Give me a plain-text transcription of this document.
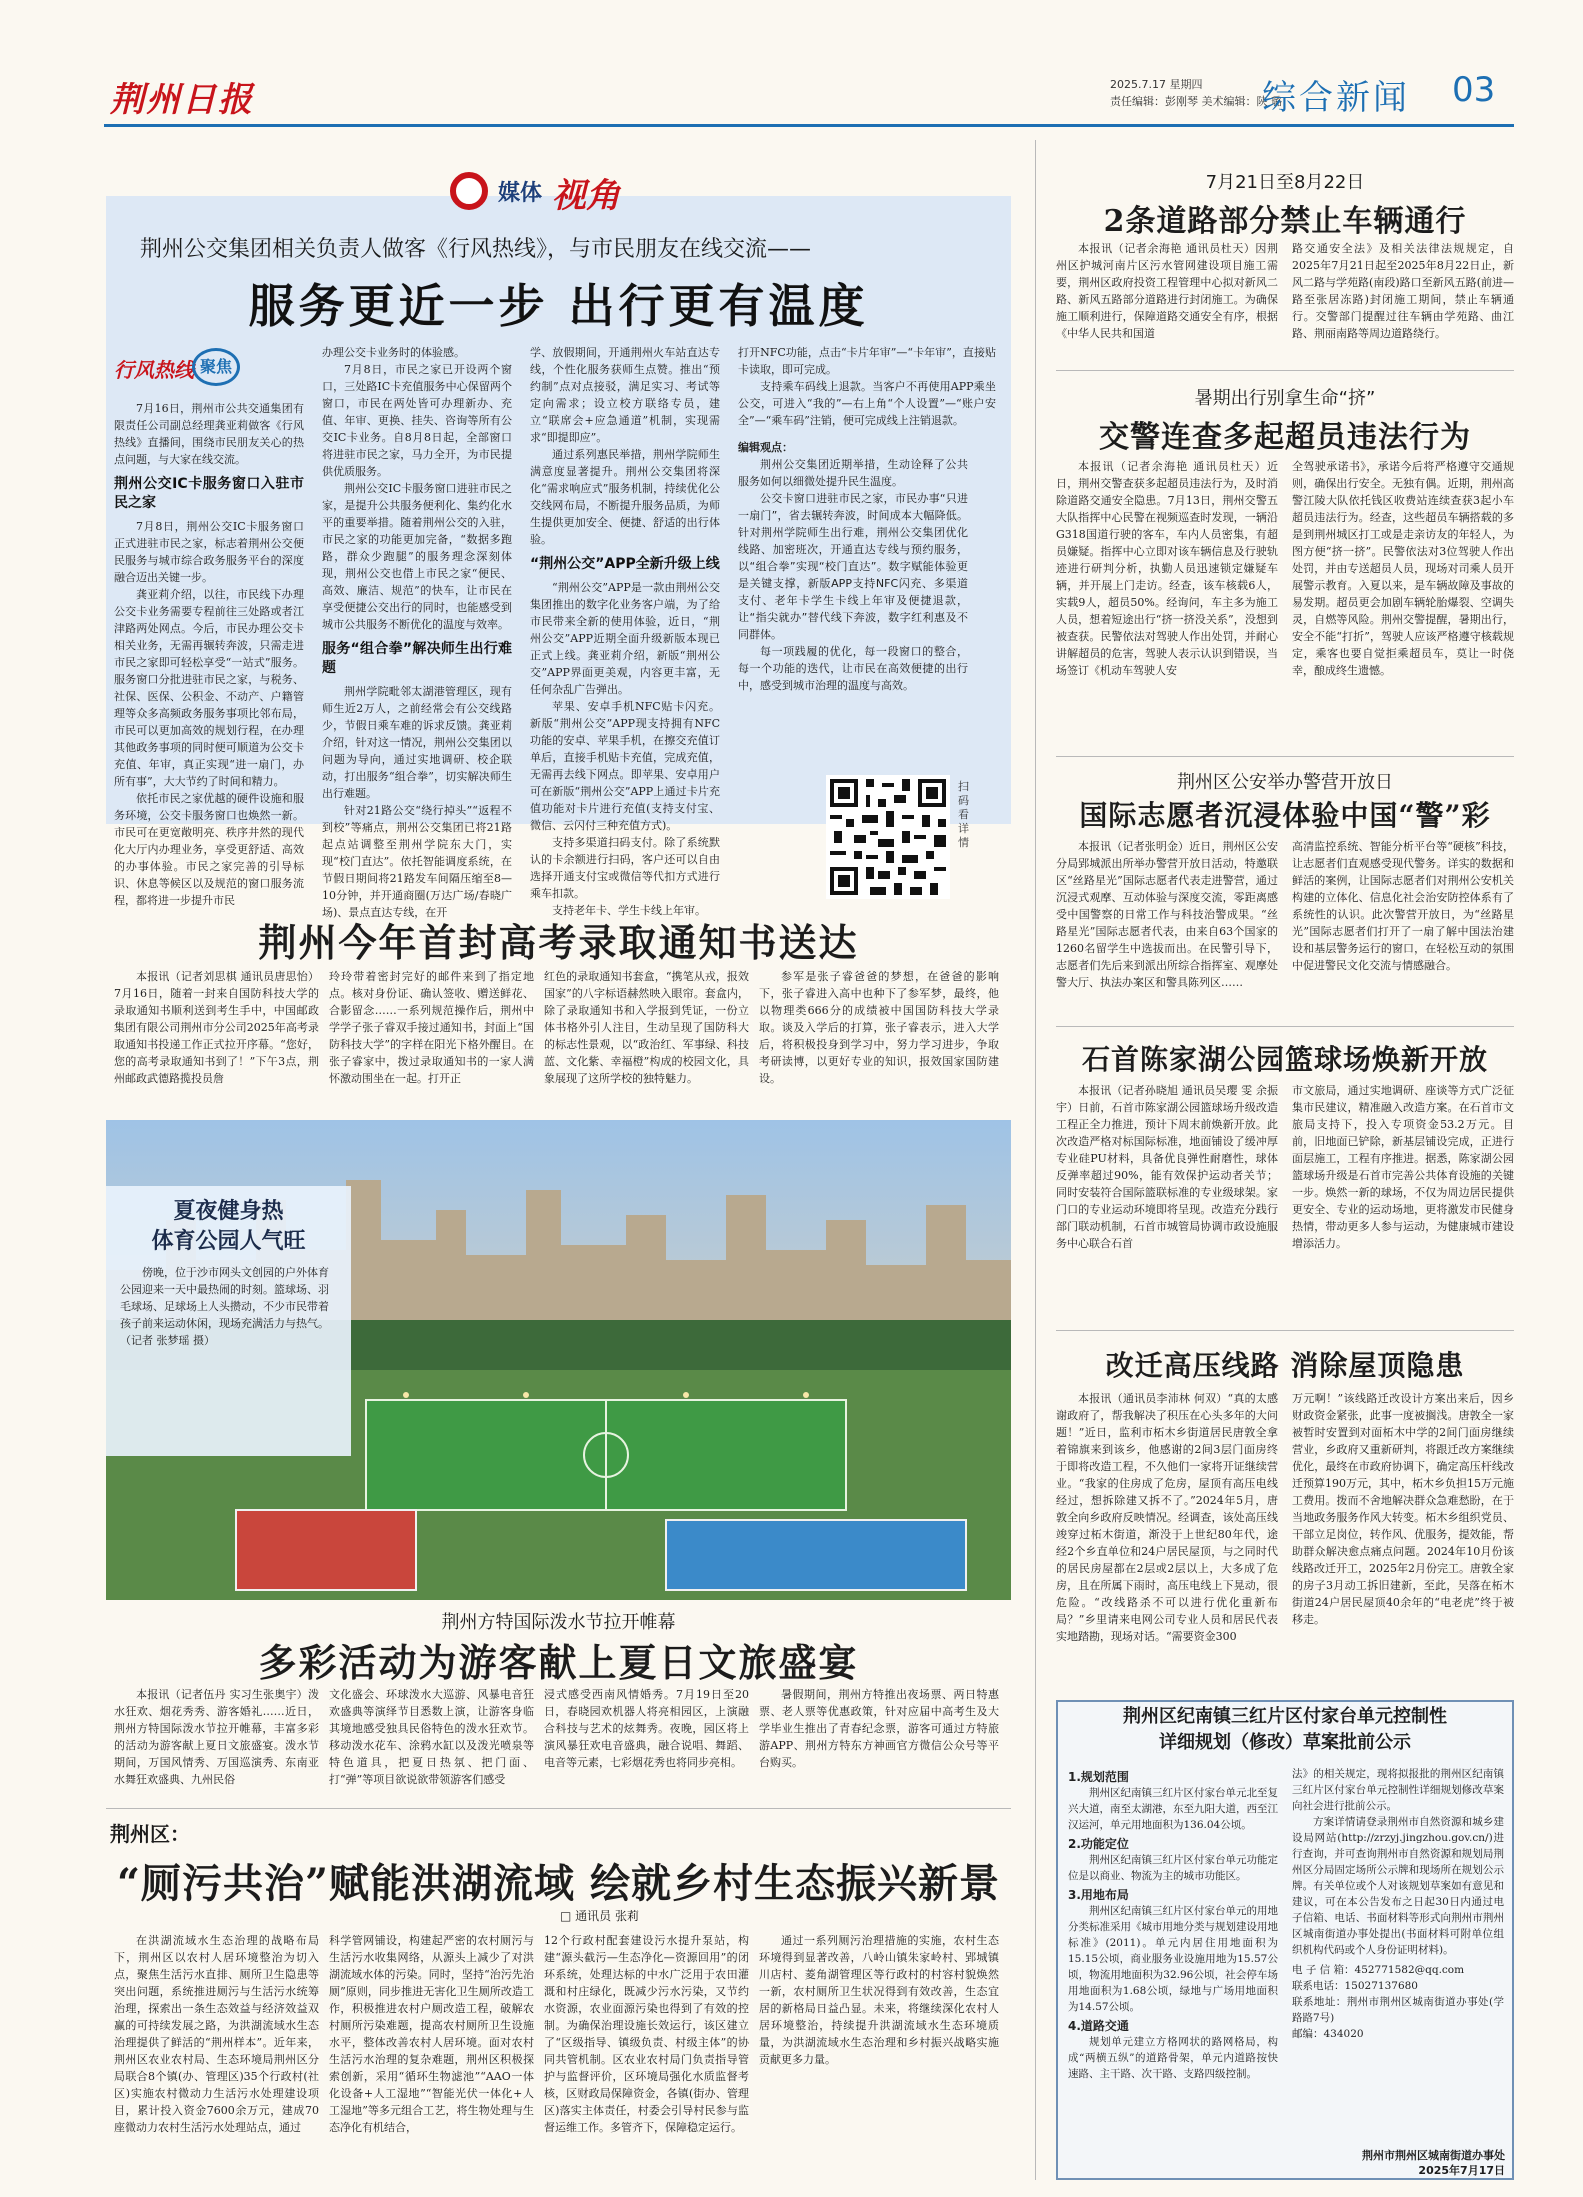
荆州日报	2025.7.17 星期四
责任编辑：彭刚琴 美术编辑：陕 璐
综合新闻 03
媒体 视角
荆州公交集团相关负责人做客《行风热线》，与市民朋友在线交流——
服务更近一步 出行更有温度
行风热线 聚焦

7月16日，荆州市公共交通集团有限责任公司副总经理龚亚莉做客《行风热线》直播间，围绕市民朋友关心的热点问题，与大家在线交流。

荆州公交IC卡服务窗口入驻市民之家

7月8日，荆州公交IC卡服务窗口正式进驻市民之家，标志着荆州公交便民服务与城市综合政务服务平台的深度融合迈出关键一步。

龚亚莉介绍，以往，市民线下办理公交卡业务需要专程前往三处路或者江津路两处网点。今后，市民办理公交卡相关业务，无需再辗转奔波，只需走进市民之家即可轻松享受“一站式”服务。服务窗口分批进驻市民之家，与税务、社保、医保、公积金、不动产、户籍管理等众多高频政务服务事项比邻布局，市民可以更加高效的规划行程，在办理其他政务事项的同时便可顺道为公交卡充值、年审，真正实现“进一扇门，办所有事”，大大节约了时间和精力。

依托市民之家优越的硬件设施和服务环境，公交卡服务窗口也焕然一新。市民可在更宽敞明亮、秩序井然的现代化大厅内办理业务，享受更舒适、高效的办事体验。市民之家完善的引导标识、休息等候区以及规范的窗口服务流程，都将进一步提升市民

办理公交卡业务时的体验感。

7月8日，市民之家已开设两个窗口，三处路IC卡充值服务中心保留两个窗口，市民在两处皆可办理新办、充值、年审、更换、挂失、咨询等所有公交IC卡业务。自8月8日起，全部窗口将进驻市民之家，马力全开，为市民提供优质服务。

荆州公交IC卡服务窗口进驻市民之家，是提升公共服务便利化、集约化水平的重要举措。随着荆州公交的入驻，市民之家的功能更加完备，“数据多跑路，群众少跑腿”的服务理念深刻体现，荆州公交也借上市民之家“便民、高效、廉洁、规范”的快车，让市民在享受便捷公交出行的同时，也能感受到城市公共服务不断优化的温度与效率。

服务“组合拳”解决师生出行难题

荆州学院毗邻太湖港管理区，现有师生近2万人，之前经常会有公交线路少，节假日乘车难的诉求反馈。龚亚莉介绍，针对这一情况，荆州公交集团以问题为导向，通过实地调研、校企联动，打出服务“组合拳”，切实解决师生出行难题。

针对21路公交“绕行掉头”“返程不到校”等痛点，荆州公交集团已将21路起点站调整至荆州学院东大门，实现“校门直达”。依托智能调度系统，在节假日期间将21路发车间隔压缩至8—10分钟，并开通商圈(万达广场/春晓广场)、景点直达专线，在开

学、放假期间，开通荆州火车站直达专线，个性化服务获师生点赞。推出“预约制”点对点接驳，满足实习、考试等定向需求；设立校方联络专员，建立“联席会+应急通道”机制，实现需求“即提即应”。

通过系列惠民举措，荆州学院师生满意度显著提升。荆州公交集团将深化“需求响应式”服务机制，持续优化公交线网布局，不断提升服务品质，为师生提供更加安全、便捷、舒适的出行体验。

“荆州公交”APP全新升级上线

“荆州公交”APP是一款由荆州公交集团推出的数字化业务客户端，为了给市民带来全新的使用体验，近日，“荆州公交”APP近期全面升级新版本现已正式上线。龚亚莉介绍，新版“荆州公交”APP界面更美观，内容更丰富，无任何杂乱广告弹出。

苹果、安卓手机NFC贴卡闪充。新版“荆州公交”APP现支持拥有NFC功能的安卓、苹果手机，在擦交充值订单后，直接手机贴卡充值，完成充值，无需再去线下网点。即苹果、安卓用户可在新版“荆州公交”APP上通过卡片充值功能对卡片进行充值(支持支付宝、微信、云闪付三种充值方式)。

支持多渠道扫码支付。除了系统默认的卡余额进行扫码，客户还可以自由选择开通支付宝或微信等代扣方式进行乘车扣款。

支持老年卡、学生卡线上年审。

打开NFC功能，点击“卡片年审”—“卡年审”，直接贴卡读取，即可完成。

支持乘车码线上退款。当客户不再使用APP乘坐公交，可进入“我的”—右上角“个人设置”—“账户安全”—“乘车码”注销，便可完成线上注销退款。

编辑观点：

荆州公交集团近期举措，生动诠释了公共服务如何以细微处提升民生温度。

公交卡窗口进驻市民之家，市民办事“只进一扇门”，省去辗转奔波，时间成本大幅降低。针对荆州学院师生出行难，荆州公交集团优化线路、加密班次，开通直达专线与预约服务，以“组合拳”实现“校门直达”。数字赋能体验更是关键支撑，新版APP支持NFC闪充、多渠道支付、老年卡学生卡线上年审及便捷退款，让“指尖就办”替代线下奔波，数字红利惠及不同群体。

每一项践履的优化，每一段窗口的整合，每一个功能的迭代，让市民在高效便捷的出行中，感受到城市治理的温度与高效。

扫码看详情
荆州今年首封高考录取通知书送达

本报讯（记者刘思棋 通讯员唐思怡）7月16日，随着一封来自国防科技大学的录取通知书顺利送到考生手中，中国邮政集团有限公司荆州市分公司2025年高考录取通知书投递工作正式拉开序幕。“您好，您的高考录取通知书到了！”下午3点，荆州邮政武德路揽投员詹

玲玲带着密封完好的邮件来到了指定地点。核对身份证、确认签收、赠送鲜花、合影留念……一系列规范操作后，荆州中学学子张子睿双手接过通知书，封面上“国防科技大学”的字样在阳光下格外醒目。在张子睿家中，拨过录取通知书的一家人满怀激动围坐在一起。打开正

红色的录取通知书套盒，“携笔从戎，报效国家”的八字标语赫然映入眼帘。套盒内，除了录取通知书和入学报到凭证，一份立体书格外引人注目，生动呈现了国防科大的标志性景观，以“政治红、军事绿、科技蓝、文化紫、幸福橙”构成的校园文化，具象展现了这所学校的独特魅力。

参军是张子睿爸爸的梦想，在爸爸的影响下，张子睿进入高中也种下了参军梦，最终，他以物理类666分的成绩被中国国防科技大学录取。谈及入学后的打算，张子睿表示，进入大学后，将积极投身到学习中，努力学习进步，争取考研读博，以更好专业的知识，报效国家国防建设。

夏夜健身热
体育公园人气旺
傍晚，位于沙市网头文创园的户外体育公园迎来一天中最热闹的时刻。篮球场、羽毛球场、足球场上人头攒动，不少市民带着孩子前来运动休闲，现场充满活力与热气。（记者 张梦瑶 摄）
荆州方特国际泼水节拉开帷幕
多彩活动为游客献上夏日文旅盛宴

本报讯（记者伍丹 实习生张奥宇）泼水狂欢、烟花秀秀、游客婚礼……近日，荆州方特国际泼水节拉开帷幕，丰富多彩的活动为游客献上夏日文旅盛宴。泼水节期间，万国风情秀、万国巡演秀、东南亚水舞狂欢盛典、九州民俗

文化盛会、环球泼水大巡游、风暴电音狂欢盛典等演绎节目悉数上演，让游客身临其境地感受独具民俗特色的泼水狂欢节。移动泼水花车、涂鸦水缸以及泼光喷泉等特色道具，把夏日热氛、把门面、打“弹”等项目欲说欲带领游客们感受

浸式感受西南风情婚秀。7月19日至20日，春晓园欢机器人将亮相园区，上演融合科技与艺术的炫舞秀。夜晚，园区将上演风暴狂欢电音盛典，融合说唱、舞蹈、电音等元素，七彩烟花秀也将同步亮相。

暑假期间，荆州方特推出夜场票、两日特惠票、老人票等优惠政策，针对应届中高考生及大学毕业生推出了青春纪念票，游客可通过方特旅游APP、荆州方特东方神画官方微信公众号等平台购买。

荆州区：
“厕污共治”赋能洪湖流域 绘就乡村生态振兴新景
□ 通讯员 张莉

在洪湖流域水生态治理的战略布局下，荆州区以农村人居环境整治为切入点，聚焦生活污水直排、厕所卫生隐患等突出问题，系统推进厕污与生活污水统筹治理，探索出一条生态效益与经济效益双赢的可持续发展之路，为洪湖流域水生态治理提供了鲜活的“荆州样本”。近年来，荆州区农业农村局、生态环境局荆州区分局联合8个镇(办、管理区)35个行政村(社区)实施农村微动力生活污水处理建设项目，累计投入资金7600余万元，建成70座微动力农村生活污水处理站点，通过

科学管网铺设，构建起严密的农村厕污与生活污水收集网络，从源头上减少了对洪湖流域水体的污染。同时，坚持“治污先治厕”原则，同步推进无害化卫生厕所改造工作，积极推进农村户厕改造工程，破解农村厕所污染难题，提高农村厕所卫生设施水平，整体改善农村人居环境。面对农村生活污水治理的复杂难题，荆州区积极探索创新，采用“循环生物滤池”“AAO一体化设备+人工湿地”“智能光伏一体化+人工湿地”等多元组合工艺，将生物处理与生态净化有机结合，

12个行政村配套建设污水提升泵站，构建“源头截污—生态净化—资源回用”的闭环系统，处理达标的中水广泛用于农田灌溉和村庄绿化，既减少污水污染，又节约水资源，农业面源污染也得到了有效的控制。为确保治理设施长效运行，该区建立了“区级指导、镇级负责、村级主体”的协同共管机制。区农业农村局门负责指导管护与监督评价，区环境局强化水质监督考核，区财政局保障资金，各镇(街办、管理区)落实主体责任，村委会引导村民参与监督运维工作。多管齐下，保障稳定运行。

通过一系列厕污治理措施的实施，农村生态环境得到显著改善，八岭山镇朱家岭村、郢城镇川店村、菱角湖管理区等行政村的村容村貌焕然一新，农村厕所卫生状况得到有效改善，生态宜居的新格局日益凸显。未来，将继续深化农村人居环境整治，持续提升洪湖流域水生态环境质量，为洪湖流域水生态治理和乡村振兴战略实施贡献更多力量。

7月21日至8月22日
2条道路部分禁止车辆通行

本报讯（记者余海艳 通讯员杜天）因荆州区护城河南片区污水管网建设项目施工需要，荆州区政府投资工程管理中心拟对新风二路、新风五路部分道路进行封闭施工。为确保施工顺利进行，保障道路交通安全有序，根据《中华人民共和国道

路交通安全法》及相关法律法规规定，自2025年7月21日起至2025年8月22日止，新风二路与学苑路(南段)路口至新风五路(前进—路至张居冻路)封闭施工期间，禁止车辆通行。交警部门提醒过往车辆由学苑路、曲江路、荆丽南路等周边道路绕行。

暑期出行别拿生命“挤”
交警连查多起超员违法行为

本报讯（记者余海艳 通讯员杜天）近日，荆州交警查获多起超员违法行为，及时消除道路交通安全隐患。7月13日，荆州交警五大队指挥中心民警在视频巡查时发现，一辆沿G318国道行驶的客车，车内人员密集，有超员嫌疑。指挥中心立即对该车辆信息及行驶轨迹进行研判分析，执勤人员迅速锁定嫌疑车辆，并开展上门走访。经查，该车核载6人，实载9人，超员50%。经询问，车主多为施工人员，想着短途出行“挤一挤没关系”，没想到被查获。民警依法对驾驶人作出处罚，并耐心讲解超员的危害，驾驶人表示认识到错误，当场签订《机动车驾驶人安

全驾驶承诺书》，承诺今后将严格遵守交通规则，确保出行安全。无独有偶。近期，荆州高警江陵大队依托钱区收费站连续查获3起小车超员违法行为。经查，这些超员车辆搭载的多是到荆州城区打工或是走亲访友的年轻人，为图方便“挤一挤”。民警依法对3位驾驶人作出处罚，并由专送超员人员，现场对司乘人员开展警示教育。入夏以来，是车辆故障及事故的易发期。超员更会加剧车辆轮胎爆裂、空调失灵，自燃等风险。荆州交警提醒，暑期出行，安全不能“打折”，驾驶人应该严格遵守核载规定，乘客也要自觉拒乘超员车，莫让一时侥幸，酿成终生遗憾。

荆州区公安举办警营开放日
国际志愿者沉浸体验中国“警”彩

本报讯（记者张明金）近日，荆州区公安分局郢城派出所举办警营开放日活动，特邀联区“丝路星光”国际志愿者代表走进警营，通过沉浸式观摩、互动体验与深度交流，零距离感受中国警察的日常工作与科技治警成果。“丝路星光”国际志愿者代表，由来自63个国家的1260名留学生中选拔而出。在民警引导下，志愿者们先后来到派出所综合指挥室、观摩处警大厅、执法办案区和警具陈列区……

高清监控系统、智能分析平台等“硬核”科技，让志愿者们直观感受现代警务。详实的数据和鲜活的案例，让国际志愿者们对荆州公安机关构建的立体化、信息化社会治安防控体系有了系统性的认识。此次警营开放日，为“丝路星光”国际志愿者们打开了一扇了解中国法治建设和基层警务运行的窗口，在轻松互动的氛围中促进警民文化交流与情感融合。

石首陈家湖公园篮球场焕新开放

本报讯（记者孙晓旭 通讯员吴璎 雯 余振宇）日前，石首市陈家湖公园篮球场升级改造工程正全力推进，预计下周末前焕新开放。此次改造严格对标国际标准，地面铺设了缓冲厚专业硅PU材料，具备优良弹性耐磨性，球体反弹率超过90%，能有效保护运动者关节；同时安装符合国际篮联标准的专业级球架。家门口的专业运动环境即将呈现。改造充分践行部门联动机制，石首市城管局协调市政设施服务中心联合石首

市文旅局，通过实地调研、座谈等方式广泛征集市民建议，精准融入改造方案。在石首市文旅局支持下，投入专项资金53.2万元。目前，旧地面已铲除，新基层铺设完成，正进行面层施工，工程有序推进。据悉，陈家湖公园篮球场升级是石首市完善公共体育设施的关键一步。焕然一新的球场，不仅为周边居民提供更安全、专业的运动场地，更将激发市民健身热情，带动更多人参与运动，为健康城市建设增添活力。

改迁高压线路 消除屋顶隐患

本报讯（通讯员李沛林 何双）“真的太感谢政府了，帮我解决了积压在心头多年的大问题！”近日，监利市柘木乡街道居民唐敦全拿着锦旗来到该乡，他感谢的2间3层门面房终于即将改造工程，不久他们一家将开证继续营业。“我家的住房成了危房，屋顶有高压电线经过，想拆除建又拆不了。”2024年5月，唐敦全向乡政府反映情况。经调查，该处高压线竣穿过柘木街道，渐没于上世纪80年代，途经2个乡直单位和24户居民屋顶，与之同时代的居民房屋都在2层或2层以上，大多成了危房，且在所属下雨时，高压电线上下晃动，很危险。“改线路杀不可以进行优化重新布局？”乡里请来电网公司专业人员和居民代表实地踏勘，现场对话。“需要资金300

万元啊！”该线路迁改设计方案出来后，因乡财政资金紧张，此事一度被搁浅。唐敦全一家被暂时安置到对面柘木中学的2间门面房继续营业，乡政府又重新研判，将跟迁改方案继续优化，最终在市政府协调下，确定高压杆线改迁预算190万元，其中，柘木乡负担15万元施工费用。拨而不舍地解决群众急难愁盼，在于当地政务服务作风大转变。柘木乡组织党员、干部立足岗位，转作风、优服务，提效能，帮助群众解决愈点痛点问题。2024年10月份该线路改迁开工，2025年2月份完工。唐敦全家的房子3月动工拆旧建新，至此，吴落在柘木街道24户居民屋顶40余年的“电老虎”终于被移走。

荆州区纪南镇三红片区付家台单元控制性
详细规划（修改）草案批前公示
1.规划范围

荆州区纪南镇三红片区付家台单元北至复兴大道，南至太湖港，东至九阳大道，西至江汉运河，单元用地面积为136.04公顷。

2.功能定位

荆州区纪南镇三红片区付家台单元功能定位是以商业、物流为主的城市功能区。

3.用地布局

荆州区纪南镇三红片区付家台单元的用地分类标准采用《城市用地分类与规划建设用地标准》(2011)。单元内居住用地面积为15.15公顷，商业服务业设施用地为15.57公顷，物流用地面积为32.96公顷，社会停车场用地面积为1.68公顷，绿地与广场用地面积为14.57公顷。

4.道路交通

规划单元建立方格网状的路网格局，构成“两横五纵”的道路骨架，单元内道路按快速路、主干路、次干路、支路四级控制。

法》的相关规定，现将拟报批的荆州区纪南镇三红片区付家台单元控制性详细规划修改草案向社会进行批前公示。

方案详情请登录荆州市自然资源和城乡建设局网站(http://zrzyj.jingzhou.gov.cn/)进行查询，并可查询荆州市自然资源和规划局荆州区分局固定场所公示牌和现场所在规划公示牌。有关单位或个人对该规划草案如有意见和建议，可在本公告发布之日起30日内通过电子信箱、电话、书面材料等形式向荆州市荆州区城南街道办事处提出(书面材料可附单位组织机构代码或个人身份证明材料)。

电 子 信 箱：452771582@qq.com
联系电话：15027137680
联系地址：荆州市荆州区城南街道办事处(学路路7号)
邮编：434020
荆州市荆州区城南街道办事处
2025年7月17日
